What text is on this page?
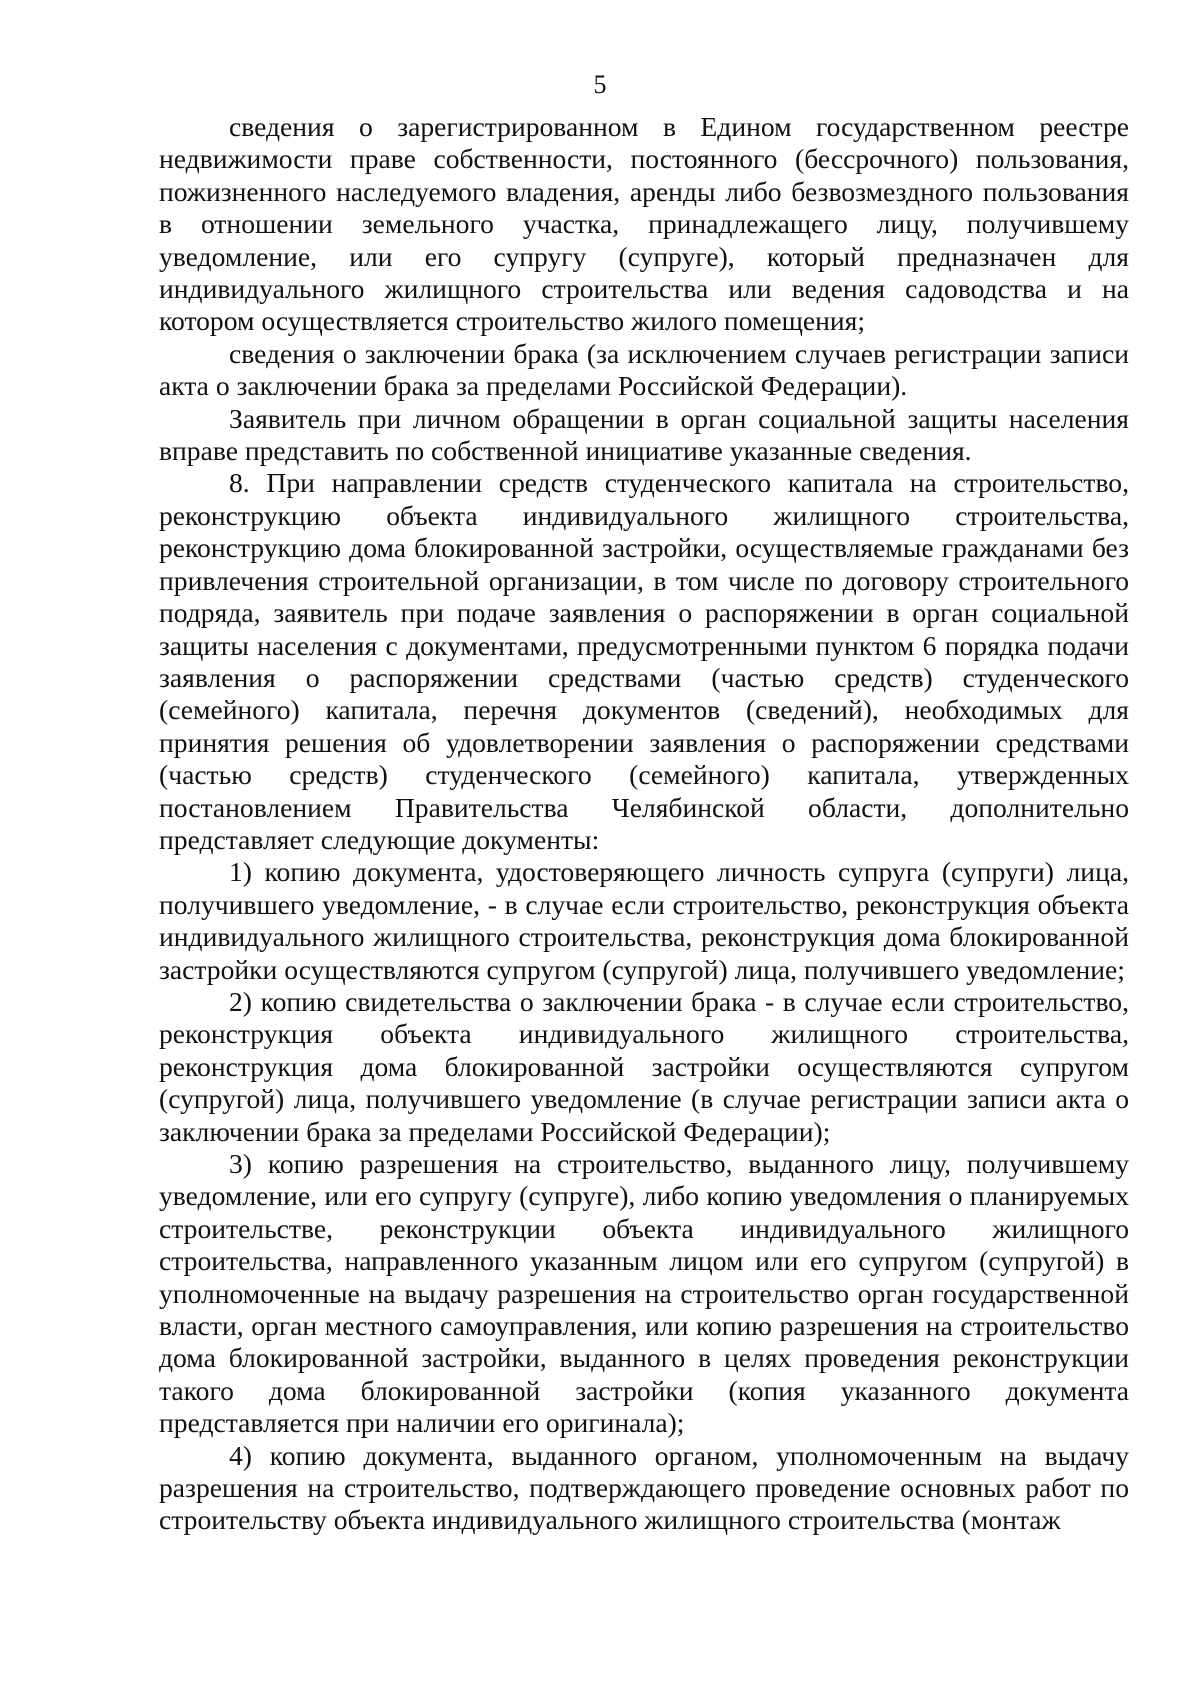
5

сведения о зарегистрированном в Едином государственном реестре недвижимости праве собственности, постоянного (бессрочного) пользования, пожизненного наследуемого владения, аренды либо безвозмездного пользования в отношении земельного участка, принадлежащего лицу, получившему уведомление, или его супругу (супруге), который предназначен для индивидуального жилищного строительства или ведения садоводства и на котором осуществляется строительство жилого помещения;

сведения о заключении брака (за исключением случаев регистрации записи акта о заключении брака за пределами Российской Федерации).

Заявитель при личном обращении в орган социальной защиты населения вправе представить по собственной инициативе указанные сведения.

8. При направлении средств студенческого капитала на строительство, реконструкцию объекта индивидуального жилищного строительства, реконструкцию дома блокированной застройки, осуществляемые гражданами без привлечения строительной организации, в том числе по договору строительного подряда, заявитель при подаче заявления о распоряжении в орган социальной защиты населения с документами, предусмотренными пунктом 6 порядка подачи заявления о распоряжении средствами (частью средств) студенческого (семейного) капитала, перечня документов (сведений), необходимых для принятия решения об удовлетворении заявления о распоряжении средствами (частью средств) студенческого (семейного) капитала, утвержденных постановлением Правительства Челябинской области, дополнительно представляет следующие документы:

1) копию документа, удостоверяющего личность супруга (супруги) лица, получившего уведомление, - в случае если строительство, реконструкция объекта индивидуального жилищного строительства, реконструкция дома блокированной застройки осуществляются супругом (супругой) лица, получившего уведомление;

2) копию свидетельства о заключении брака - в случае если строительство, реконструкция объекта индивидуального жилищного строительства, реконструкция дома блокированной застройки осуществляются супругом (супругой) лица, получившего уведомление (в случае регистрации записи акта о заключении брака за пределами Российской Федерации);

3) копию разрешения на строительство, выданного лицу, получившему уведомление, или его супругу (супруге), либо копию уведомления о планируемых строительстве, реконструкции объекта индивидуального жилищного строительства, направленного указанным лицом или его супругом (супругой) в уполномоченные на выдачу разрешения на строительство орган государственной власти, орган местного самоуправления, или копию разрешения на строительство дома блокированной застройки, выданного в целях проведения реконструкции такого дома блокированной застройки (копия указанного документа представляется при наличии его оригинала);

4) копию документа, выданного органом, уполномоченным на выдачу разрешения на строительство, подтверждающего проведение основных работ по строительству объекта индивидуального жилищного строительства (монтаж
